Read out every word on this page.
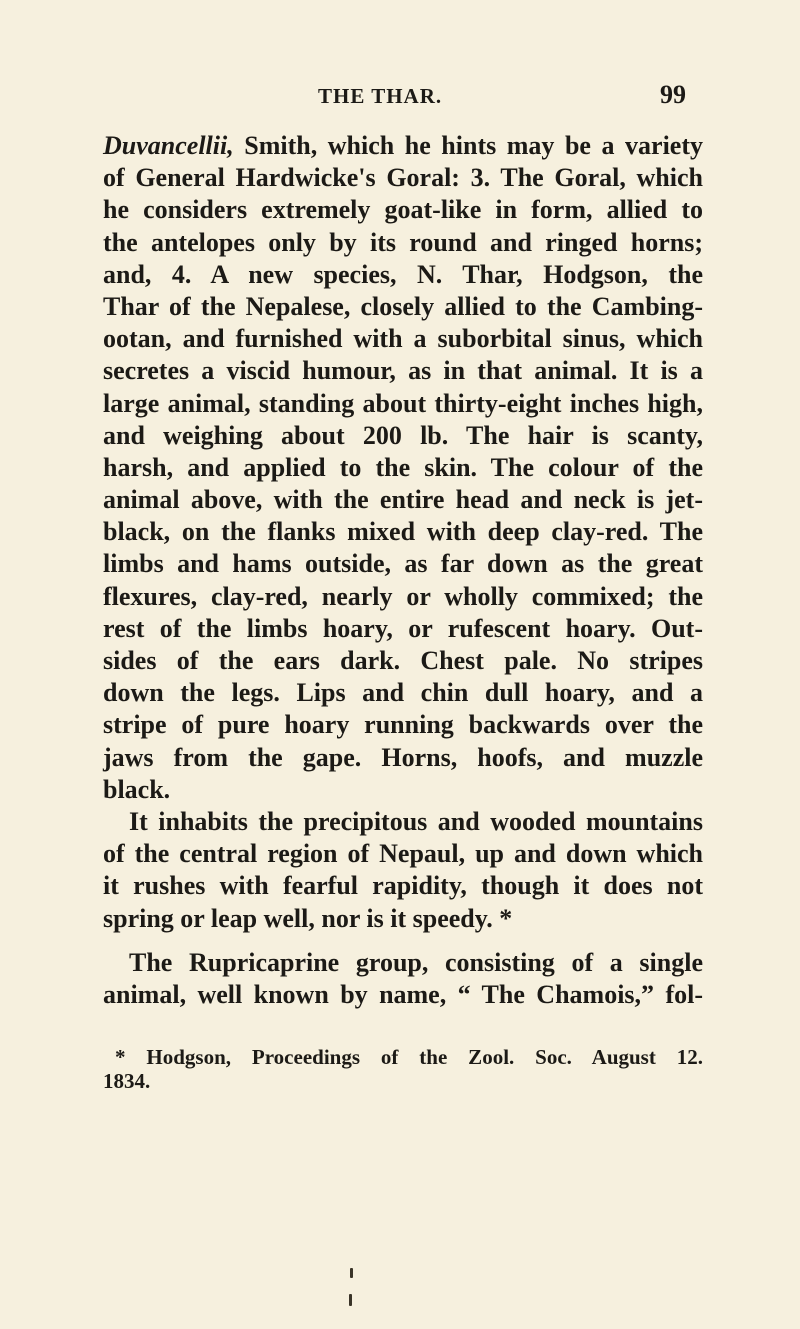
THE THAR.	99
Duvancellii, Smith, which he hints may be a variety
of General Hardwicke's Goral: 3. The Goral, which
he considers extremely goat-like in form, allied to
the antelopes only by its round and ringed horns;
and, 4. A new species, N. Thar, Hodgson, the
Thar of the Nepalese, closely allied to the Cambing-
ootan, and furnished with a suborbital sinus, which
secretes a viscid humour, as in that animal. It is a
large animal, standing about thirty-eight inches high,
and weighing about 200 lb. The hair is scanty,
harsh, and applied to the skin. The colour of the
animal above, with the entire head and neck is jet-
black, on the flanks mixed with deep clay-red. The
limbs and hams outside, as far down as the great
flexures, clay-red, nearly or wholly commixed; the
rest of the limbs hoary, or rufescent hoary. Out-
sides of the ears dark. Chest pale. No stripes
down the legs. Lips and chin dull hoary, and a
stripe of pure hoary running backwards over the
jaws from the gape. Horns, hoofs, and muzzle
black.
It inhabits the precipitous and wooded mountains
of the central region of Nepaul, up and down which
it rushes with fearful rapidity, though it does not
spring or leap well, nor is it speedy. *
The Rupricaprine group, consisting of a single
animal, well known by name, “ The Chamois,” fol-
* Hodgson, Proceedings of the Zool. Soc. August 12.
1834.
